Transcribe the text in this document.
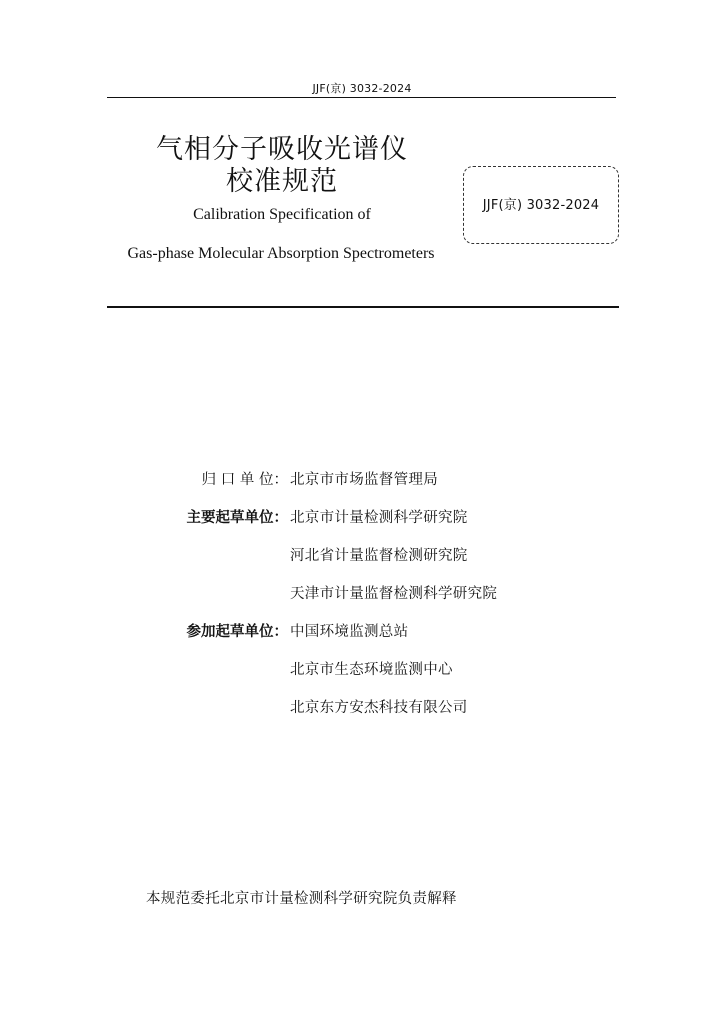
JJF(京) 3032-2024
气相分子吸收光谱仪
校准规范
Calibration Specification of
Gas-phase Molecular Absorption Spectrometers
JJF(京) 3032-2024
归 口 单 位： 北京市市场监督管理局
主要起草单位： 北京市计量检测科学研究院
河北省计量监督检测研究院
天津市计量监督检测科学研究院
参加起草单位： 中国环境监测总站
北京市生态环境监测中心
北京东方安杰科技有限公司
本规范委托北京市计量检测科学研究院负责解释
